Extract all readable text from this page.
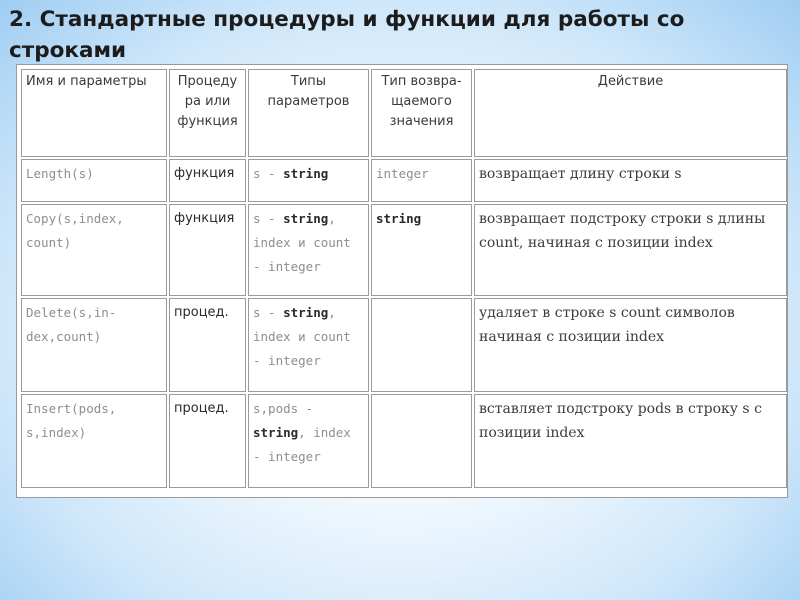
2. Стандартные процедуры и функции для работы со строками
Имя и параметры	Процеду ра или функция	Типы параметров	Тип возвра-щаемого значения	Действие
Length(s)	функция	s - string	integer	возвращает длину строки s
Copy(s,index, count)	функция	s - string, index и count - integer	string	возвращает подстроку строки s длины count, начиная с позиции index
Delete(s,in-dex,count)	процед.	s - string, index и count - integer		удаляет в строке s count символов начиная с позиции index
Insert(pods, s,index)	процед.	s,pods - string, index - integer		вставляет подстроку pods в строку s с позиции index
